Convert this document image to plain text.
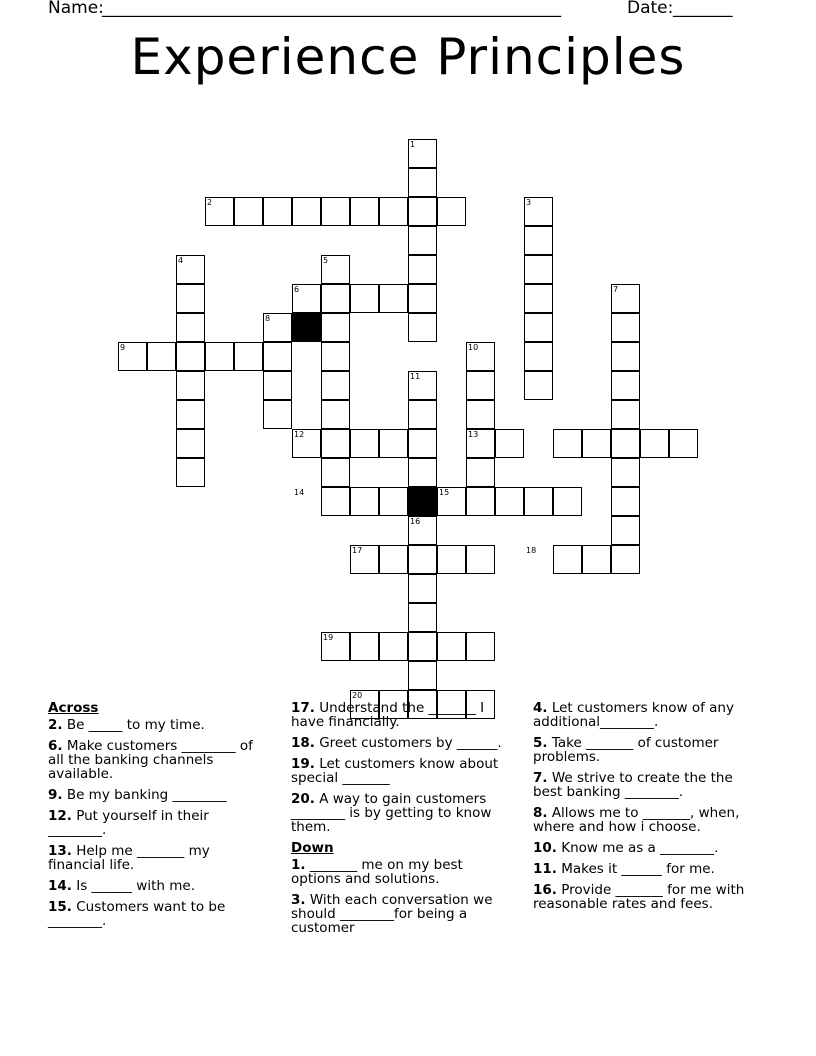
Name:
______________________________________________________	Date: _______
Experience Principles
1
2	3
4	5
6	7
8
9	10
11
12	13
14	15
16
17	18
19
20
Across
2. Be _____ to my time.
6. Make customers ________ of all the banking channels available.
9. Be my banking ________
12. Put yourself in their ________.
13. Help me _______ my financial life.
14. Is ______ with me.
15. Customers want to be ________.
17. Understand the _______ I have financially.
18. Greet customers by ______.
19. Let customers know about special _______
20. A way to gain customers ________ is by getting to know them.
Down
1. _______ me on my best options and solutions.
3. With each conversation we should ________for being a customer
4. Let customers know of any additional________.
5. Take _______ of customer problems.
7. We strive to create the the best banking ________.
8. Allows me to _______, when, where and how i choose.
10. Know me as a ________.
11. Makes it ______ for me.
16. Provide _______ for me with reasonable rates and fees.
